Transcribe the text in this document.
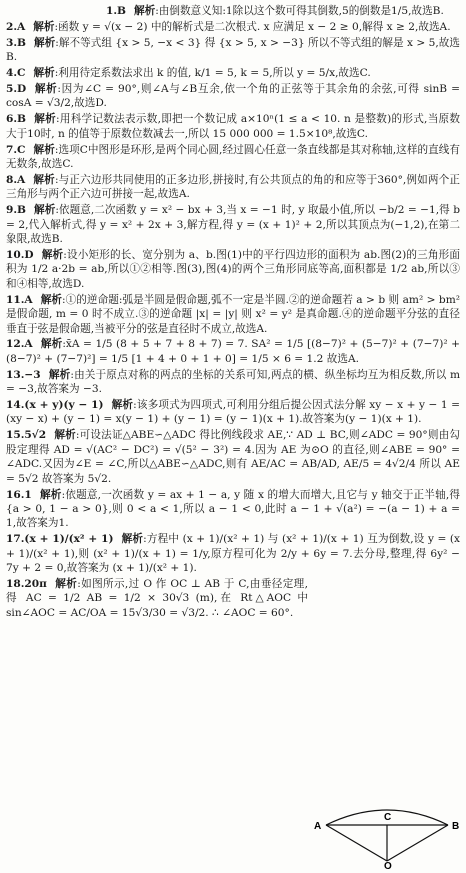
1.B 解析:由倒数意义知:1除以这个数可得其倒数,5的倒数是1/5,故选B.
2.A 解析:函数 y = √(x − 2) 中的解析式是二次根式. x 应满足 x − 2 ≥ 0,解得 x ≥ 2,故选A.
3.B 解析:解不等式组 {x > 5, −x < 3} 得 {x > 5, x > −3} 所以不等式组的解是 x > 5,故选B.
4.C 解析:利用待定系数法求出 k 的值, k/1 = 5, k = 5,所以 y = 5/x,故选C.
5.D 解析:因为∠C = 90°,则∠A与∠B互余,依一个角的正弦等于其余角的余弦,可得 sinB = cosA = √3/2,故选D.
6.B 解析:用科学记数法表示数,即把一个数记成 a×10ⁿ(1 ≤ a < 10. n 是整数)的形式,当原数大于10时, n 的值等于原数位数减去一,所以 15 000 000 = 1.5×10⁸,故选C.
7.C 解析:选项C中图形是环形,是两个同心圆,经过圆心任意一条直线都是其对称轴,这样的直线有无数条,故选C.
8.A 解析:与正六边形共同使用的正多边形,拼接时,有公共顶点的角的和应等于360°,例如两个正三角形与两个正六边可拼接一起,故选A.
9.B 解析:依题意,二次函数 y = x² − bx + 3,当 x = −1 时, y 取最小值,所以 −b/2 = −1,得 b = 2,代入解析式,得 y = x² + 2x + 3,解方程,得 y = (x + 1)² + 2,所以其顶点为(−1,2),在第二象限,故选B.
10.D 解析:设小矩形的长、宽分别为 a、b.图(1)中的平行四边形的面积为 ab.图(2)的三角形面积为 1/2 a·2b = ab,所以①②相等.图(3),图(4)的两个三角形同底等高,面积都是 1/2 ab,所以③和④相等,故选D.
11.A 解析:①的逆命题:弧是半圆是假命题,弧不一定是半圆.②的逆命题若 a > b 则 am² > bm² 是假命题, m = 0 时不成立.③的逆命题 |x| = |y| 则 x² = y² 是真命题.④的逆命题平分弦的直径垂直于弦是假命题,当被平分的弦是直径时不成立,故选A.
12.A 解析:x̄A = 1/5 (8 + 5 + 7 + 8 + 7) = 7. SA² = 1/5 [(8−7)² + (5−7)² + (7−7)² + (8−7)² + (7−7)²] = 1/5 [1 + 4 + 0 + 1 + 0] = 1/5 × 6 = 1.2 故选A.
13.−3 解析:由关于原点对称的两点的坐标的关系可知,两点的横、纵坐标均互为相反数,所以 m = −3,故答案为 −3.
14.(x + y)(y − 1) 解析:该多项式为四项式,可利用分组后提公因式法分解 xy − x + y − 1 = (xy − x) + (y − 1) = x(y − 1) + (y − 1) = (y − 1)(x + 1).故答案为(y − 1)(x + 1).
15.5√2 解析:可设法证△ABE∽△ADC 得比例线段求 AE,∵ AD ⊥ BC,则∠ADC = 90°则由勾股定理得 AD = √(AC² − DC²) = √(5² − 3²) = 4.因为 AE 为⊙O 的直径,则∠ABE = 90° = ∠ADC.又因为∠E = ∠C,所以△ABE∽△ADC,则有 AE/AC = AB/AD, AE/5 = 4√2/4 所以 AE = 5√2 故答案为 5√2.
16.1 解析:依题意,一次函数 y = ax + 1 − a, y 随 x 的增大而增大,且它与 y 轴交于正半轴,得 {a > 0, 1 − a > 0},则 0 < a < 1,所以 a − 1 < 0,此时 a − 1 + √(a²) = −(a − 1) + a = 1,故答案为1.
17.(x + 1)/(x² + 1) 解析:方程中 (x + 1)/(x² + 1) 与 (x² + 1)/(x + 1) 互为倒数,设 y = (x + 1)/(x² + 1),则 (x² + 1)/(x + 1) = 1/y,原方程可化为 2/y + 6y = 7.去分母,整理,得 6y² − 7y + 2 = 0,故答案为 (x + 1)/(x² + 1).
18.20π 解析:如图所示,过 O 作 OC ⊥ AB 于 C,由垂径定理,得 AC = 1/2 AB = 1/2 × 30√3 (m),在 Rt△AOC 中 sin∠AOC = AC/OA = 15√3/30 = √3/2. ∴ ∠AOC = 60°.
A	B
C
O
